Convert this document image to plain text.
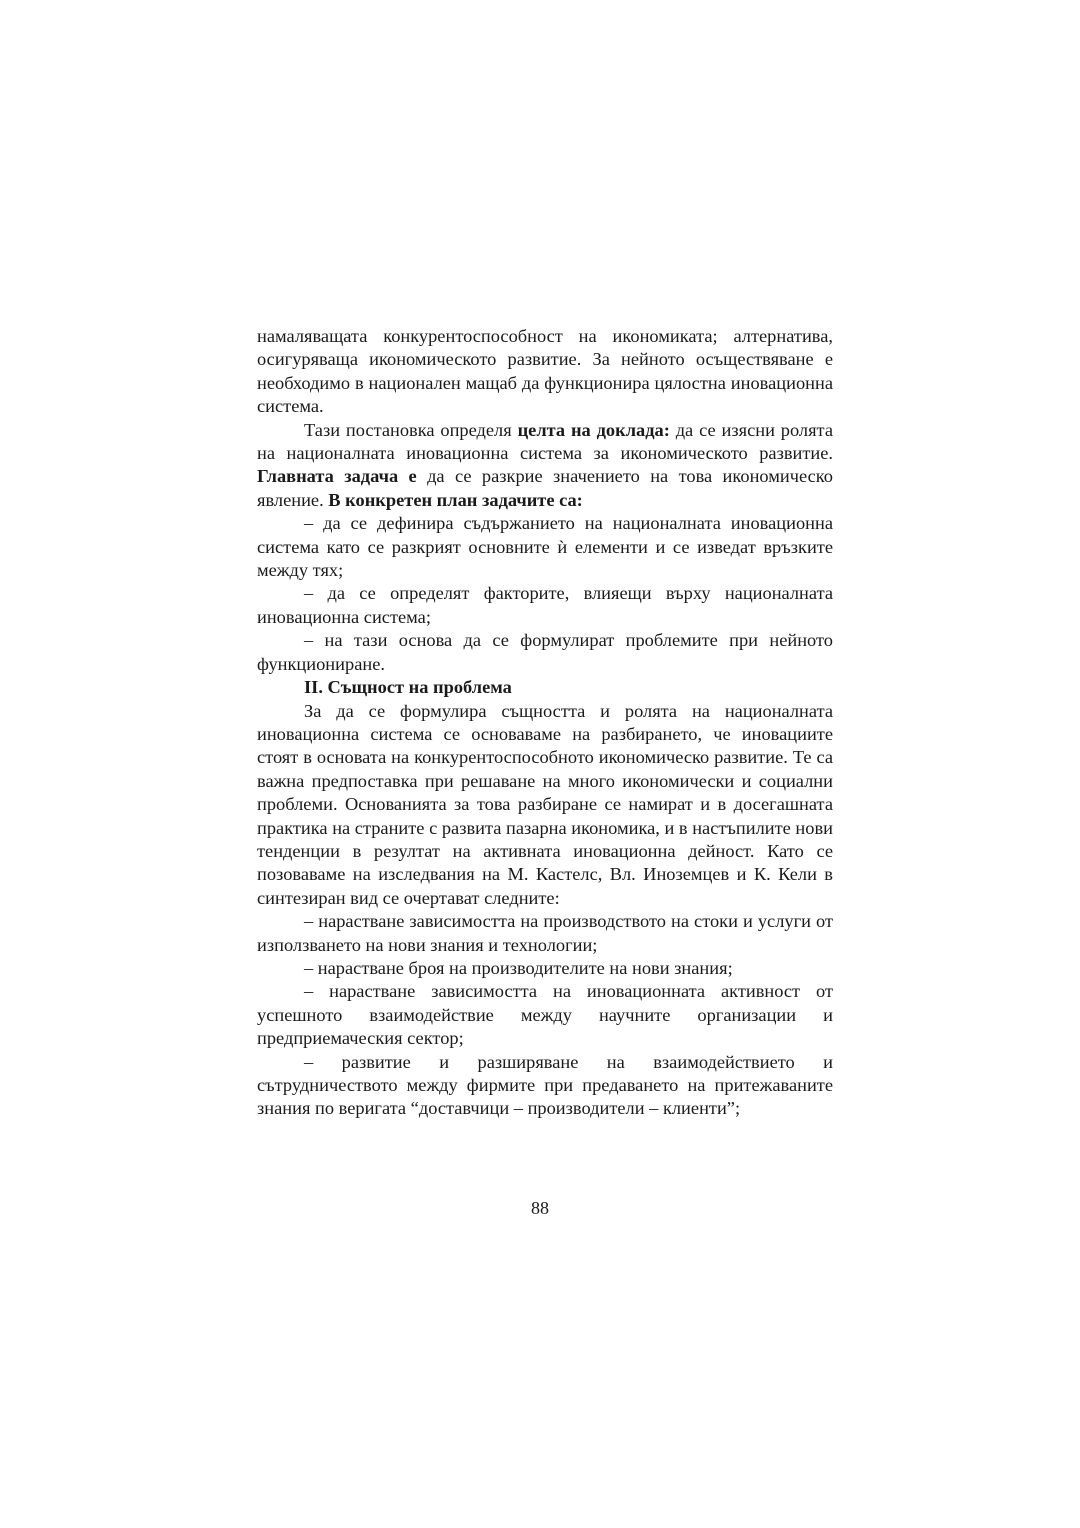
намаляващата конкурентоспособност на икономиката; алтернатива, осигуряваща икономическото развитие. За нейното осъществяване е необходимо в национален мащаб да функционира цялостна иновационна система.

Тази постановка определя целта на доклада: да се изясни ролята на националната иновационна система за икономическото развитие. Главната задача е да се разкрие значението на това икономическо явление. В конкретен план задачите са:

– да се дефинира съдържанието на националната иновационна система като се разкрият основните ѝ елементи и се изведат връзките между тях;

– да се определят факторите, влияещи върху националната иновационна система;

– на тази основа да се формулират проблемите при нейното функциониране.

II. Същност на проблема

За да се формулира същността и ролята на националната иновационна система се основаваме на разбирането, че иновациите стоят в основата на конкурентоспособното икономическо развитие. Те са важна предпоставка при решаване на много икономически и социални проблеми. Основанията за това разбиране се намират и в досегашната практика на страните с развита пазарна икономика, и в настъпилите нови тенденции в резултат на активната иновационна дейност. Като се позоваваме на изследвания на М. Кастелс, Вл. Иноземцев и К. Кели в синтезиран вид се очертават следните:

– нарастване зависимостта на производството на стоки и услуги от използването на нови знания и технологии;

– нарастване броя на производителите на нови знания;

– нарастване зависимостта на иновационната активност от успешното взаимодействие между научните организации и предприемаческия сектор;

– развитие и разширяване на взаимодействието и сътрудничеството между фирмите при предаването на притежаваните знания по веригата “доставчици – производители – клиенти”;

88
